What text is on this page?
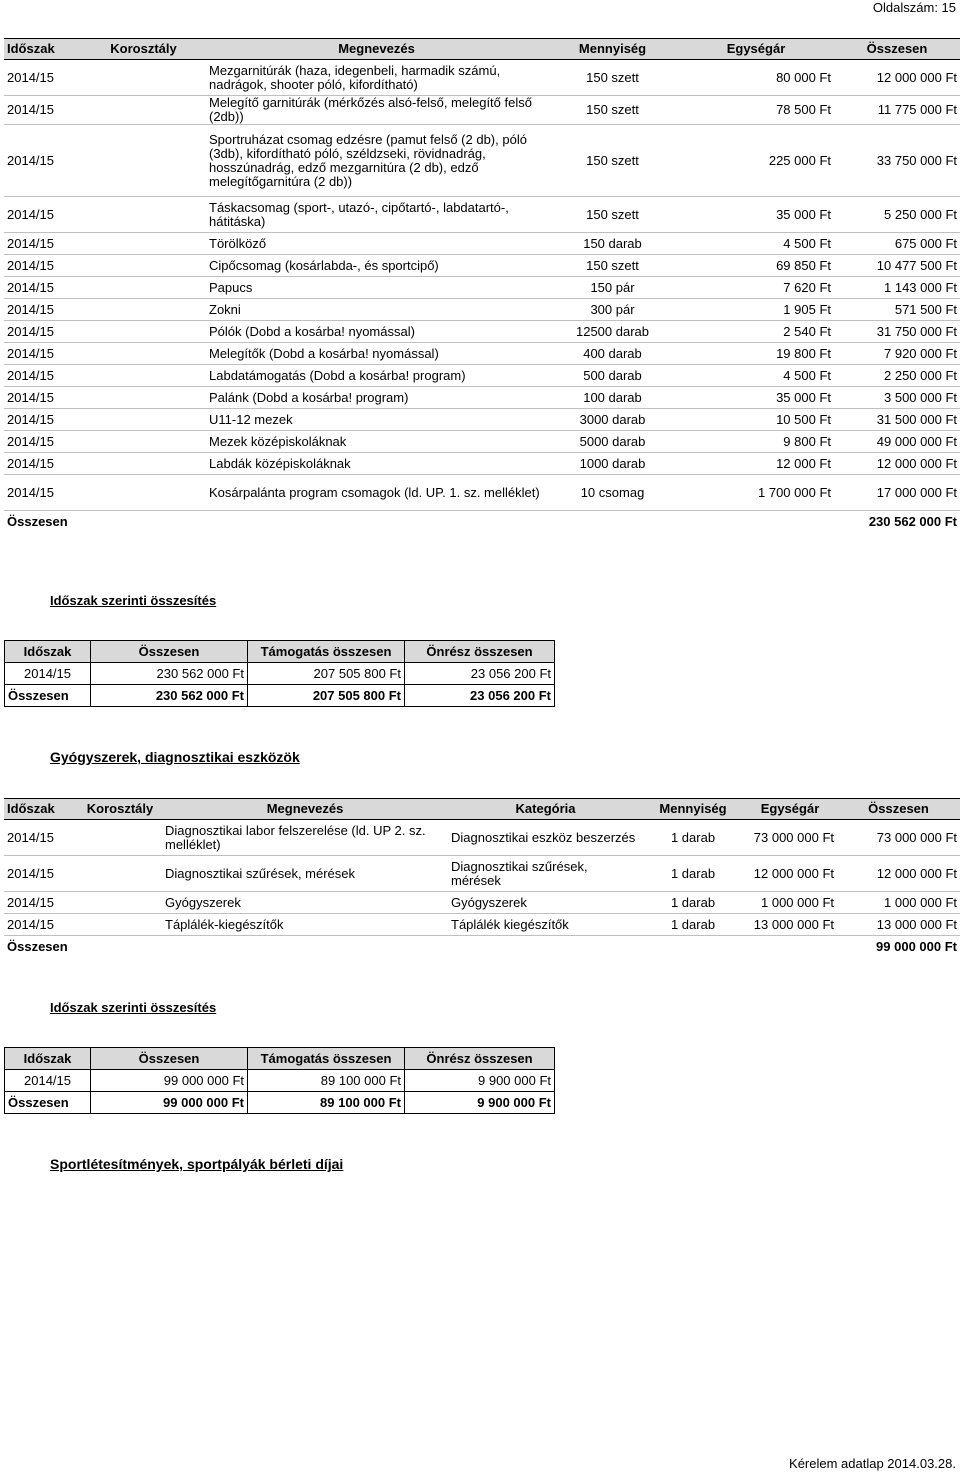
Oldalszám: 15
Időszak	Korosztály	Megnevezés	Mennyiség	Egységár	Összesen
2014/15		Mezgarnitúrák (haza, idegenbeli, harmadik számú, nadrágok, shooter póló, kifordítható)	150 szett	80 000 Ft	12 000 000 Ft
2014/15		Melegítő garnitúrák (mérkőzés alsó-felső, melegítő felső (2db))	150 szett	78 500 Ft	11 775 000 Ft
2014/15		Sportruházat csomag edzésre (pamut felső (2 db), póló (3db), kifordítható póló, széldzseki, rövidnadrág, hosszúnadrág, edző mezgarnitúra (2 db), edző melegítőgarnitúra (2 db))	150 szett	225 000 Ft	33 750 000 Ft
2014/15		Táskacsomag (sport-, utazó-, cipőtartó-, labdatartó-, hátitáska)	150 szett	35 000 Ft	5 250 000 Ft
2014/15		Törölköző	150 darab	4 500 Ft	675 000 Ft
2014/15		Cipőcsomag (kosárlabda-, és sportcipő)	150 szett	69 850 Ft	10 477 500 Ft
2014/15		Papucs	150 pár	7 620 Ft	1 143 000 Ft
2014/15		Zokni	300 pár	1 905 Ft	571 500 Ft
2014/15		Pólók (Dobd a kosárba! nyomással)	12500 darab	2 540 Ft	31 750 000 Ft
2014/15		Melegítők (Dobd a kosárba! nyomással)	400 darab	19 800 Ft	7 920 000 Ft
2014/15		Labdatámogatás (Dobd a kosárba! program)	500 darab	4 500 Ft	2 250 000 Ft
2014/15		Palánk (Dobd a kosárba! program)	100 darab	35 000 Ft	3 500 000 Ft
2014/15		U11-12 mezek	3000 darab	10 500 Ft	31 500 000 Ft
2014/15		Mezek középiskoláknak	5000 darab	9 800 Ft	49 000 000 Ft
2014/15		Labdák középiskoláknak	1000 darab	12 000 Ft	12 000 000 Ft
2014/15		Kosárpalánta program csomagok (ld. UP. 1. sz. melléklet)	10 csomag	1 700 000 Ft	17 000 000 Ft
Összesen					230 562 000 Ft
Időszak szerinti összesítés
Időszak	Összesen	Támogatás összesen	Önrész összesen
2014/15	230 562 000 Ft	207 505 800 Ft	23 056 200 Ft
Összesen	230 562 000 Ft	207 505 800 Ft	23 056 200 Ft
Gyógyszerek, diagnosztikai eszközök
Időszak	Korosztály	Megnevezés	Kategória	Mennyiség	Egységár	Összesen
2014/15		Diagnosztikai labor felszerelése (ld. UP 2. sz. melléklet)	Diagnosztikai eszköz beszerzés	1 darab	73 000 000 Ft	73 000 000 Ft
2014/15		Diagnosztikai szűrések, mérések	Diagnosztikai szűrések, mérések	1 darab	12 000 000 Ft	12 000 000 Ft
2014/15		Gyógyszerek	Gyógyszerek	1 darab	1 000 000 Ft	1 000 000 Ft
2014/15		Táplálék-kiegészítők	Táplálék kiegészítők	1 darab	13 000 000 Ft	13 000 000 Ft
Összesen						99 000 000 Ft
Időszak szerinti összesítés
Időszak	Összesen	Támogatás összesen	Önrész összesen
2014/15	99 000 000 Ft	89 100 000 Ft	9 900 000 Ft
Összesen	99 000 000 Ft	89 100 000 Ft	9 900 000 Ft
Sportlétesítmények, sportpályák bérleti díjai
Kérelem adatlap 2014.03.28.
